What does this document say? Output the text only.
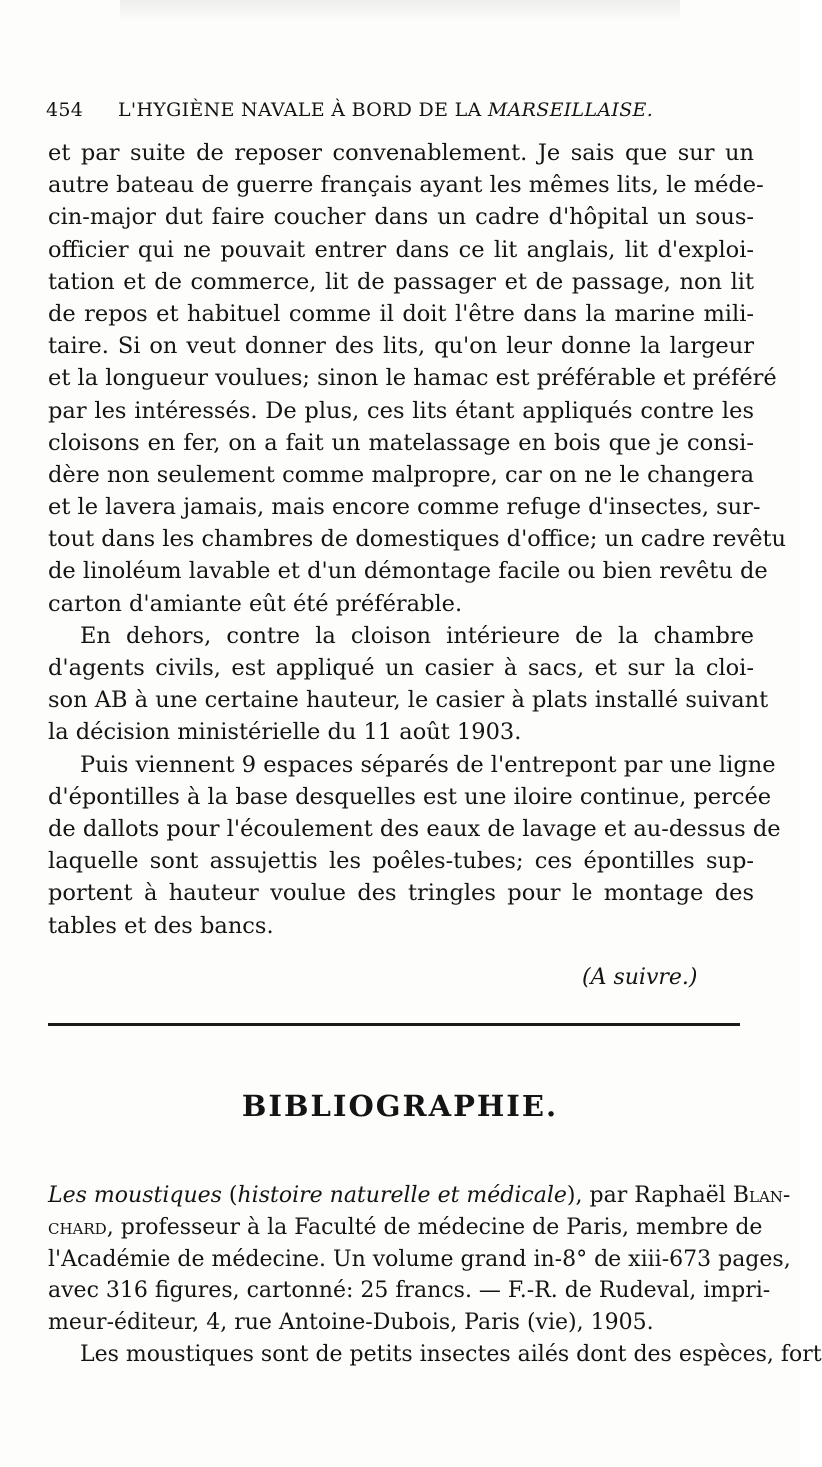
454 L'HYGIÈNE NAVALE À BORD DE LA MARSEILLAISE.
et par suite de reposer convenablement. Je sais que sur un
autre bateau de guerre français ayant les mêmes lits, le méde-
cin-major dut faire coucher dans un cadre d'hôpital un sous-
officier qui ne pouvait entrer dans ce lit anglais, lit d'exploi-
tation et de commerce, lit de passager et de passage, non lit
de repos et habituel comme il doit l'être dans la marine mili-
taire. Si on veut donner des lits, qu'on leur donne la largeur
et la longueur voulues; sinon le hamac est préférable et préféré
par les intéressés. De plus, ces lits étant appliqués contre les
cloisons en fer, on a fait un matelassage en bois que je consi-
dère non seulement comme malpropre, car on ne le changera
et le lavera jamais, mais encore comme refuge d'insectes, sur-
tout dans les chambres de domestiques d'office; un cadre revêtu
de linoléum lavable et d'un démontage facile ou bien revêtu de
carton d'amiante eût été préférable.
En dehors, contre la cloison intérieure de la chambre
d'agents civils, est appliqué un casier à sacs, et sur la cloi-
son AB à une certaine hauteur, le casier à plats installé suivant
la décision ministérielle du 11 août 1903.
Puis viennent 9 espaces séparés de l'entrepont par une ligne
d'épontilles à la base desquelles est une iloire continue, percée
de dallots pour l'écoulement des eaux de lavage et au-dessus de
laquelle sont assujettis les poêles-tubes; ces épontilles sup-
portent à hauteur voulue des tringles pour le montage des
tables et des bancs.
(A suivre.)
BIBLIOGRAPHIE.
Les moustiques (histoire naturelle et médicale), par Raphaël Blan-
chard, professeur à la Faculté de médecine de Paris, membre de
l'Académie de médecine. Un volume grand in-8° de xiii-673 pages,
avec 316 figures, cartonné: 25 francs. — F.-R. de Rudeval, impri-
meur-éditeur, 4, rue Antoine-Dubois, Paris (vie), 1905.
Les moustiques sont de petits insectes ailés dont des espèces, fort
